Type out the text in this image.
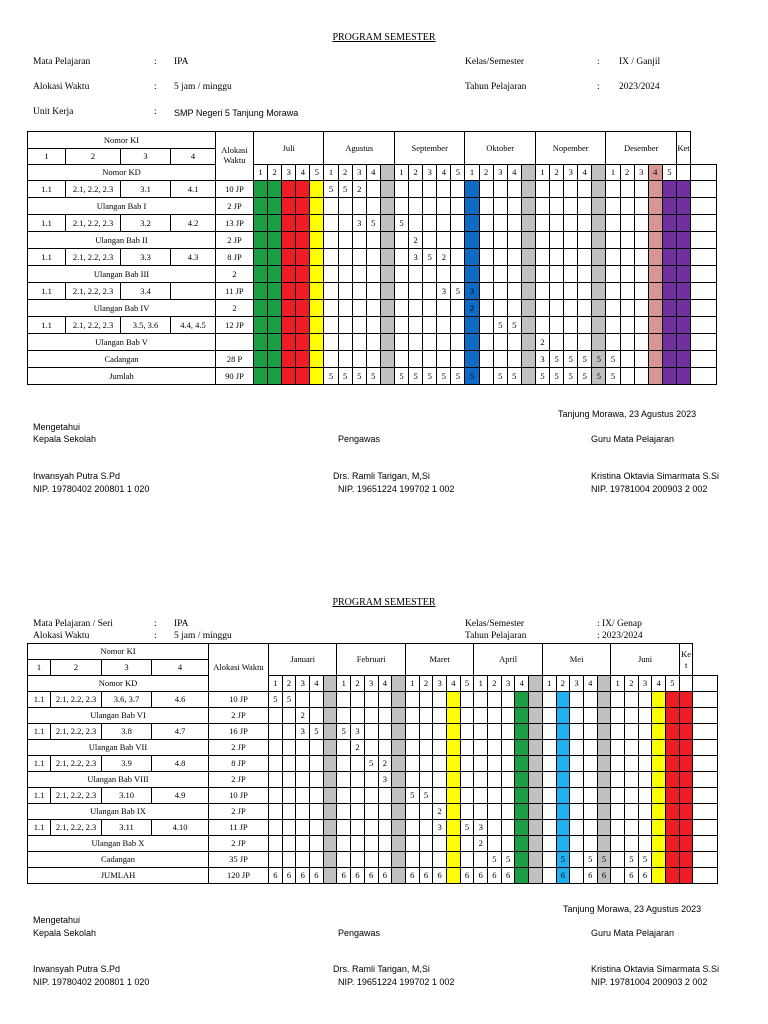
PROGRAM SEMESTER
Mata Pelajaran	: IPA	Kelas/Semester	: IX / Ganjil
Alokasi Waktu	: 5 jam / minggu	Tahun Pelajaran	: 2023/2024
Unit Kerja	: SMP Negeri 5 Tanjung Morawa
Nomor KI				Alokasi Waktu	Juli					Agustus					September					Oktober					Nopember					Desember					Ket	
1	2	3	4																																	
Nomor KD					1	2	3	4	5	1	2	3	4		1	2	3	4	5	1	2	3	4		1	2	3	4		1	2	3	4	5		
1.1	2.1, 2.2, 2.3	3.1	4.1	10 JP						5	5	2																								
Ulangan Bab I				2 JP																																
1.1	2.1, 2.2, 2.3	3.2	4.2	13 JP								3	5		5																					
Ulangan Bab II				2 JP												2																				
1.1	2.1, 2.2, 2.3	3.3	4.3	8 JP												3	5	2																		
Ulangan Bab III				2																																
1.1	2.1, 2.2, 2.3	3.4		11 JP														3	5	3																
Ulangan Bab IV				2																2																
1.1	2.1, 2.2, 2.3	3.5, 3.6	4.4, 4.5	12 JP																		5	5													
Ulangan Bab V																									2											
Cadangan				28 P																					3	5	5	5	5	5						
Jumlah				90 JP						5	5	5	5		5	5	5	5	5	5		5	5		5	5	5	5	5	5						
Tanjung Morawa, 23 Agustus 2023
Mengetahui
Kepala Sekolah	Pengawas	Guru Mata Pelajaran
Irwansyah Putra S.Pd	Drs. Ramli Tarigan, M,Si	Kristina Oktavia Simarmata S.Si
NIP. 19780402 200801 1 020	NIP. 19651224 199702 1 002	NIP. 19781004 200903 2 002
PROGRAM SEMESTER
Mata Pelajaran / Seri	: IPA	Kelas/Semester	: IX/ Genap
Alokasi Waktu	: 5 jam / minggu	Tahun Pelajaran	: 2023/2024
Nomor KI				Alokasi Waktu	Januari					Februari					Maret					April					Mei					Juni					Ke t	
1	2	3	4																																	
Nomor KD					1	2	3	4		1	2	3	4		1	2	3	4	5	1	2	3	4		1	2	3	4		1	2	3	4	5		
1.1	2.1, 2.2, 2.3	3.6, 3.7	4.6	10 JP	5	5																														
Ulangan Bab VI				2 JP			2																													
1.1	2.1, 2.2, 2.3	3.8	4.7	16 JP			3	5		5	3																									
Ulangan Bab VII				2 JP							2																									
1.1	2.1, 2.2, 2.3	3.9	4.8	8 JP								5	2																							
Ulangan Bab VIII				2 JP									3																							
1.1	2.1, 2.2, 2.3	3.10	4.9	10 JP											5	5																				
Ulangan Bab IX				2 JP													2																			
1.1	2.1, 2.2, 2.3	3.11	4.10	11 JP													3		5	3																
Ulangan Bab X				2 JP																2																
Cadangan				35 JP																	5	5				5		5	5		5	5				
JUMLAH				120 JP	6	6	6	6		6	6	6	6		6	6	6		6	6	6	6				6		6	6		6	6				
Tanjung Morawa, 23 Agustus 2023
Mengetahui
Kepala Sekolah	Pengawas	Guru Mata Pelajaran
Irwansyah Putra S.Pd	Drs. Ramli Tarigan, M,Si	Kristina Oktavia Simarmata S.Si
NIP. 19780402 200801 1 020	NIP. 19651224 199702 1 002	NIP. 19781004 200903 2 002
